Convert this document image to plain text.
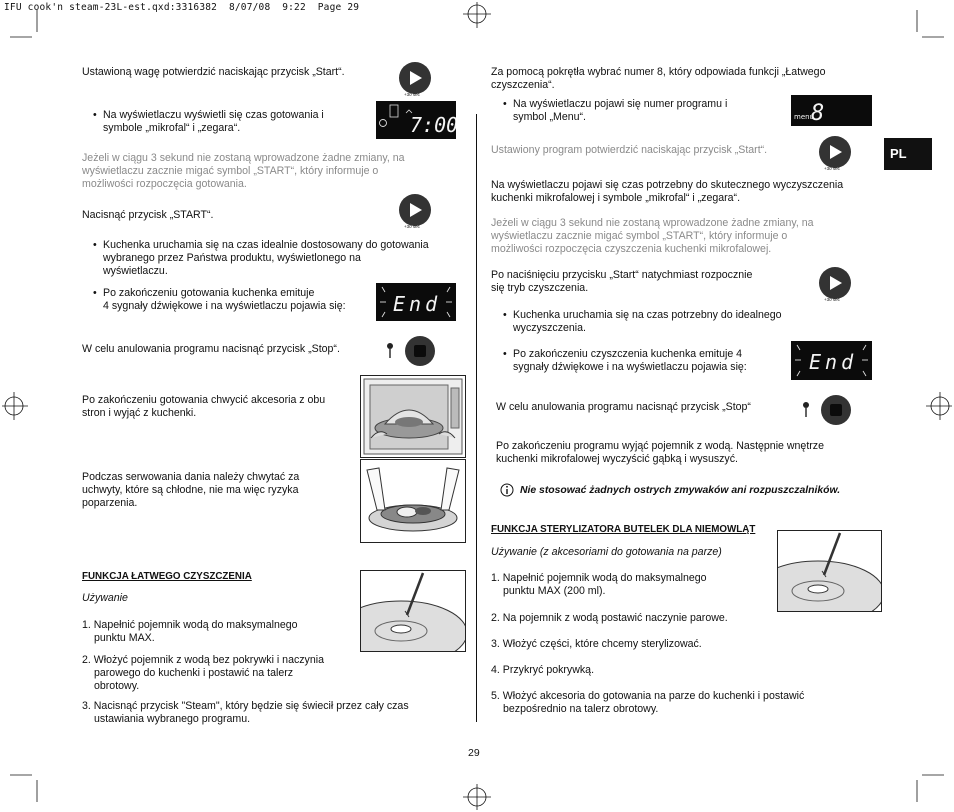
IFU cook'n steam-23L-est.qxd:3316382  8/07/08  9:22  Page 29
PL
29
Ustawioną wagę potwierdzić naciskając przycisk „Start“.
+30 sec
• Na wyświetlaczu wyświetli się czas gotowania i
symbole „mikrofal“ i „zegara“.	7:00
Jeżeli w ciągu 3 sekund nie zostaną wprowadzone żadne zmiany, na
wyświetlaczu zacznie migać symbol „START“, który informuje o
możliwości rozpoczęcia gotowania.
Nacisnąć przycisk „START“.
+30 sec
• Kuchenka uruchamia się na czas idealnie dostosowany do gotowania
wybranego przez Państwa produktu, wyświetlonego na
wyświetlaczu.
• Po zakończeniu gotowania kuchenka emituje
4 sygnały dźwiękowe i na wyświetlaczu pojawia się: End
W celu anulowania programu nacisnąć przycisk „Stop“.
Po zakończeniu gotowania chwycić akcesoria z obu
stron i wyjąć z kuchenki.
Podczas serwowania dania należy chwytać za
uchwyty, które są chłodne, nie ma więc ryzyka
poparzenia.
FUNKCJA ŁATWEGO CZYSZCZENIA
Używanie
1. Napełnić pojemnik wodą do maksymalnego
punktu MAX.
2. Włożyć pojemnik z wodą bez pokrywki i naczynia
parowego do kuchenki i postawić na talerz
obrotowy.
3. Nacisnąć przycisk "Steam", który będzie się świecił przez cały czas
ustawiania wybranego programu.
Za pomocą pokrętła wybrać numer 8, który odpowiada funkcji „Łatwego
czyszczenia“.
• Na wyświetlaczu pojawi się numer programu i
symbol „Menu“.	menu
8
Ustawiony program potwierdzić naciskając przycisk „Start“.
+30 sec
Na wyświetlaczu pojawi się czas potrzebny do skutecznego wyczyszczenia
kuchenki mikrofalowej i symbole „mikrofal“ i „zegara“.
Jeżeli w ciągu 3 sekund nie zostaną wprowadzone żadne zmiany, na
wyświetlaczu zacznie migać symbol „START“, który informuje o
możliwości rozpoczęcia czyszczenia kuchenki mikrofalowej.
Po naciśnięciu przycisku „Start“ natychmiast rozpocznie
się tryb czyszczenia.
+30 sec
• Kuchenka uruchamia się na czas potrzebny do idealnego
wyczyszczenia.
• Po zakończeniu czyszczenia kuchenka emituje 4
sygnały dźwiękowe i na wyświetlaczu pojawia się:	End
W celu anulowania programu nacisnąć przycisk „Stop“
Po zakończeniu programu wyjąć pojemnik z wodą. Następnie wnętrze
kuchenki mikrofalowej wyczyścić gąbką i wysuszyć.
Nie stosować żadnych ostrych zmywaków ani rozpuszczalników.
FUNKCJA STERYLIZATORA BUTELEK DLA NIEMOWLĄT
Używanie (z akcesoriami do gotowania na parze)
1. Napełnić pojemnik wodą do maksymalnego
punktu MAX (200 ml).
2. Na pojemnik z wodą postawić naczynie parowe.
3. Włożyć części, które chcemy sterylizować.
4. Przykryć pokrywką.
5. Włożyć akcesoria do gotowania na parze do kuchenki i postawić
bezpośrednio na talerz obrotowy.
